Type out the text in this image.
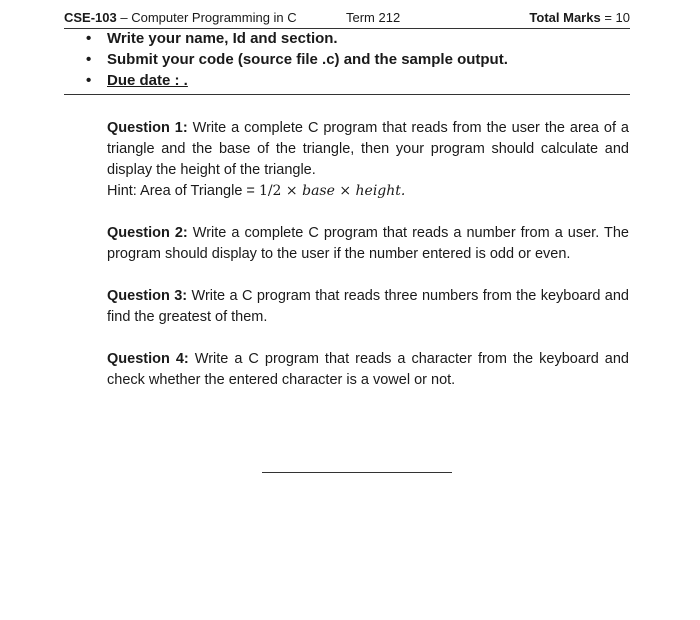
CSE-103 – Computer Programming in C	Term 212	Total Marks = 10
• Write your name, Id and section.
• Submit your code (source file .c) and the sample output.
• Due date : .
Question 1: Write a complete C program that reads from the user the area of a triangle and the base of the triangle, then your program should calculate and display the height of the triangle.
Hint: Area of Triangle = 1/2 × base × height.
Question 2: Write a complete C program that reads a number from a user. The program should display to the user if the number entered is odd or even.
Question 3: Write a C program that reads three numbers from the keyboard and find the greatest of them.
Question 4: Write a C program that reads a character from the keyboard and check whether the entered character is a vowel or not.
